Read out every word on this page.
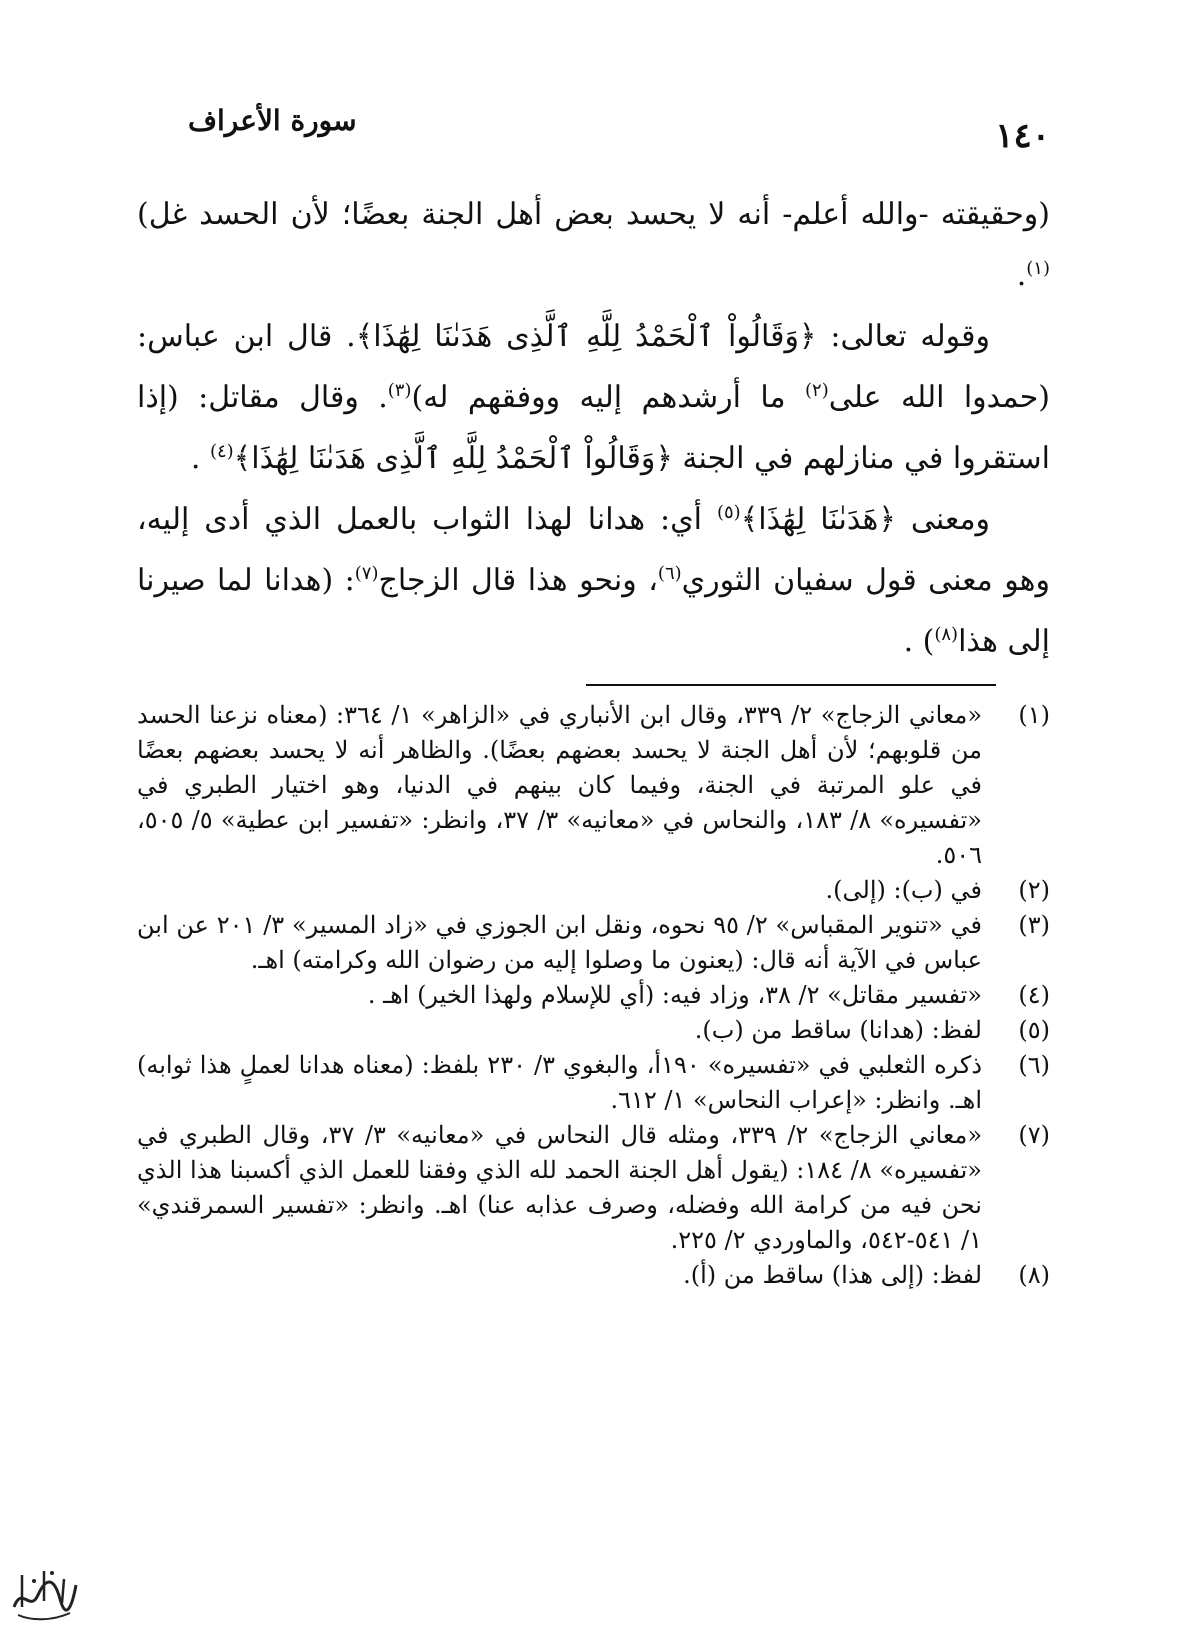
١٤٠
سورة الأعراف

(وحقيقته -والله أعلم- أنه لا يحسد بعض أهل الجنة بعضًا؛ لأن الحسد غل)$^{(١)}$.

وقوله تعالى: ﴿وَقَالُواْ ٱلْحَمْدُ لِلَّهِ ٱلَّذِى هَدَىٰنَا لِهَٰذَا﴾. قال ابن عباس: (حمدوا الله على$^{(٢)}$ ما أرشدهم إليه ووفقهم له)$^{(٣)}$. وقال مقاتل: (إذا استقروا في منازلهم في الجنة ﴿وَقَالُواْ ٱلْحَمْدُ لِلَّهِ ٱلَّذِى هَدَىٰنَا لِهَٰذَا﴾$^{(٤)}$ .

ومعنى ﴿هَدَىٰنَا لِهَٰذَا﴾$^{(٥)}$ أي: هدانا لهذا الثواب بالعمل الذي أدى إليه، وهو معنى قول سفيان الثوري$^{(٦)}$، ونحو هذا قال الزجاج$^{(٧)}$: (هدانا لما صيرنا إلى هذا$^{(٨)}$) .

(١)
«معاني الزجاج» ٢/ ٣٣٩، وقال ابن الأنباري في «الزاهر» ١/ ٣٦٤: (معناه نزعنا الحسد من قلوبهم؛ لأن أهل الجنة لا يحسد بعضهم بعضًا). والظاهر أنه لا يحسد بعضهم بعضًا في علو المرتبة في الجنة، وفيما كان بينهم في الدنيا، وهو اختيار الطبري في «تفسيره» ٨/ ١٨٣، والنحاس في «معانيه» ٣/ ٣٧، وانظر: «تفسير ابن عطية» ٥/ ٥٠٥، ٥٠٦.

(٢)
في (ب): (إلى).

(٣)
في «تنوير المقباس» ٢/ ٩٥ نحوه، ونقل ابن الجوزي في «زاد المسير» ٣/ ٢٠١ عن ابن عباس في الآية أنه قال: (يعنون ما وصلوا إليه من رضوان الله وكرامته) اهـ.

(٤)
«تفسير مقاتل» ٢/ ٣٨، وزاد فيه: (أي للإسلام ولهذا الخير) اهـ .

(٥)
لفظ: (هدانا) ساقط من (ب).

(٦)
ذكره الثعلبي في «تفسيره» ١٩٠أ، والبغوي ٣/ ٢٣٠ بلفظ: (معناه هدانا لعملٍ هذا ثوابه) اهـ. وانظر: «إعراب النحاس» ١/ ٦١٢.

(٧)
«معاني الزجاج» ٢/ ٣٣٩، ومثله قال النحاس في «معانيه» ٣/ ٣٧، وقال الطبري في «تفسيره» ٨/ ١٨٤: (يقول أهل الجنة الحمد لله الذي وفقنا للعمل الذي أكسبنا هذا الذي نحن فيه من كرامة الله وفضله، وصرف عذابه عنا) اهـ. وانظر: «تفسير السمرقندي» ١/ ٥٤١-٥٤٢، والماوردي ٢/ ٢٢٥.

(٨)
لفظ: (إلى هذا) ساقط من (أ).
